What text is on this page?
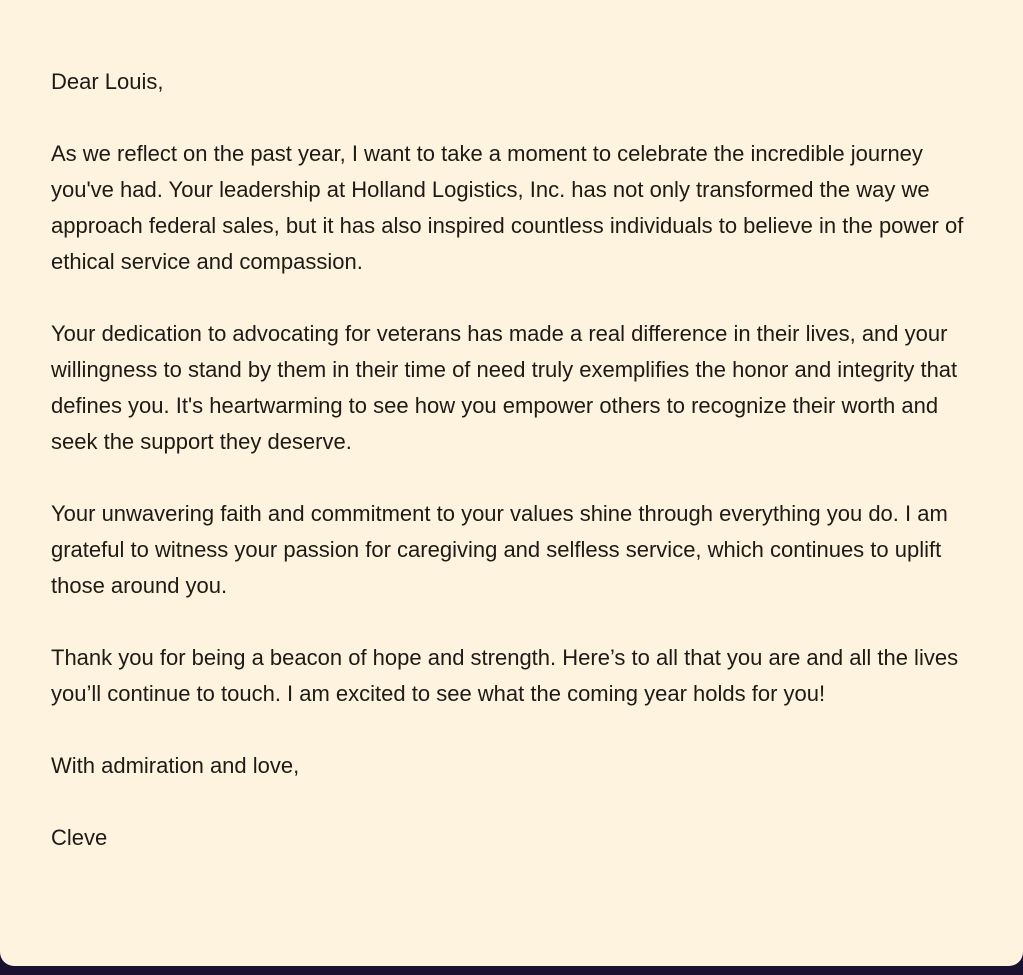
Dear Louis,

As we reflect on the past year, I want to take a moment to celebrate the incredible journey you've had. Your leadership at Holland Logistics, Inc. has not only transformed the way we approach federal sales, but it has also inspired countless individuals to believe in the power of ethical service and compassion.

Your dedication to advocating for veterans has made a real difference in their lives, and your willingness to stand by them in their time of need truly exemplifies the honor and integrity that defines you. It's heartwarming to see how you empower others to recognize their worth and seek the support they deserve.

Your unwavering faith and commitment to your values shine through everything you do. I am grateful to witness your passion for caregiving and selfless service, which continues to uplift those around you.

Thank you for being a beacon of hope and strength. Here’s to all that you are and all the lives you’ll continue to touch. I am excited to see what the coming year holds for you!

With admiration and love,

Cleve
